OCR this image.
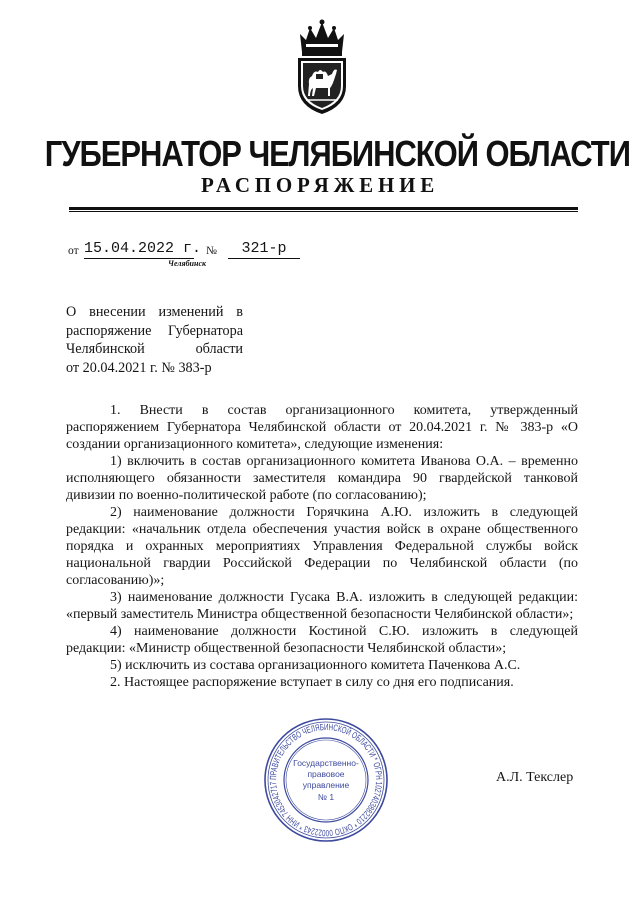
ГУБЕРНАТОР ЧЕЛЯБИНСКОЙ ОБЛАСТИ
РАСПОРЯЖЕНИЕ
от 15.04.2022 г. №	321-р
Челябинск
О внесении изменений в
распоряжение Губернатора
Челябинской области
от 20.04.2021 г. № 383-р

1. Внести в состав организационного комитета, утвержденный распоряжением Губернатора Челябинской области от 20.04.2021 г. № 383-р «О создании организационного комитета», следующие изменения:

1) включить в состав организационного комитета Иванова О.А. – временно исполняющего обязанности заместителя командира 90 гвардейской танковой дивизии по военно-политической работе (по согласованию);

2) наименование должности Горячкина А.Ю. изложить в следующей редакции: «начальник отдела обеспечения участия войск в охране общественного порядка и охранных мероприятиях Управления Федеральной службы войск национальной гвардии Российской Федерации по Челябинской области (по согласованию)»;

3) наименование должности Гусака В.А. изложить в следующей редакции: «первый заместитель Министра общественной безопасности Челябинской области»;

4) наименование должности Костиной С.Ю. изложить в следующей редакции: «Министр общественной безопасности Челябинской области»;

5) исключить из состава организационного комитета Паченкова А.С.

2. Настоящее распоряжение вступает в силу со дня его подписания.

ПРАВИТЕЛЬСТВО ЧЕЛЯБИНСКОЙ ОБЛАСТИ * ОГРН 1027403882210 * ОКПО 00022243 * ИНН 7453042717
Государственно-
правовое
управление
№ 1
А.Л. Текслер
